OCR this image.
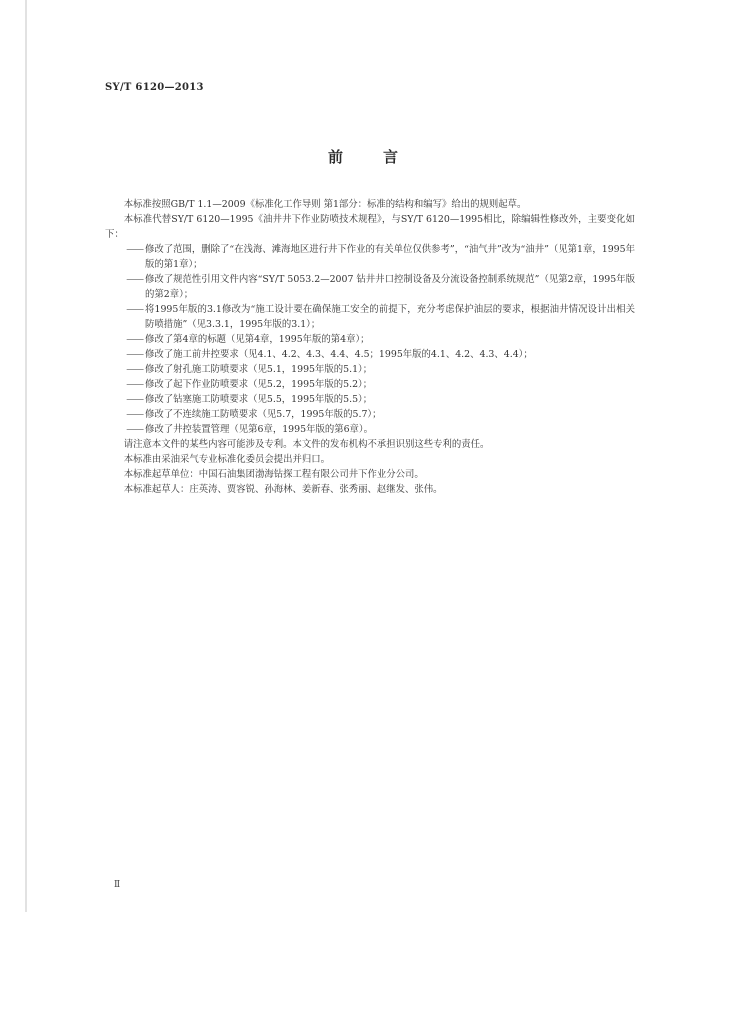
SY/T 6120—2013
前言

本标准按照GB/T 1.1—2009《标准化工作导则 第1部分：标准的结构和编写》给出的规则起草。

本标准代替SY/T 6120—1995《油井井下作业防喷技术规程》，与SY/T 6120—1995相比，除编辑性修改外，主要变化如下：

—— 修改了范围，删除了“在浅海、滩海地区进行井下作业的有关单位仅供参考”，“油气井”改为“油井”（见第1章，1995年版的第1章）；
—— 修改了规范性引用文件内容“SY/T 5053.2—2007 钻井井口控制设备及分流设备控制系统规范”（见第2章，1995年版的第2章）；
—— 将1995年版的3.1修改为“施工设计要在确保施工安全的前提下，充分考虑保护油层的要求，根据油井情况设计出相关防喷措施”（见3.3.1，1995年版的3.1）；
—— 修改了第4章的标题（见第4章，1995年版的第4章）；
—— 修改了施工前井控要求（见4.1、4.2、4.3、4.4、4.5；1995年版的4.1、4.2、4.3、4.4）；
—— 修改了射孔施工防喷要求（见5.1，1995年版的5.1）；
—— 修改了起下作业防喷要求（见5.2，1995年版的5.2）；
—— 修改了钻塞施工防喷要求（见5.5，1995年版的5.5）；
—— 修改了不连续施工防喷要求（见5.7，1995年版的5.7）；
—— 修改了井控装置管理（见第6章，1995年版的第6章）。

请注意本文件的某些内容可能涉及专利。本文件的发布机构不承担识别这些专利的责任。

本标准由采油采气专业标准化委员会提出并归口。

本标准起草单位：中国石油集团渤海钻探工程有限公司井下作业分公司。

本标准起草人：庄英涛、贾容锐、孙海林、姜新春、张秀丽、赵继发、张伟。

Ⅱ
